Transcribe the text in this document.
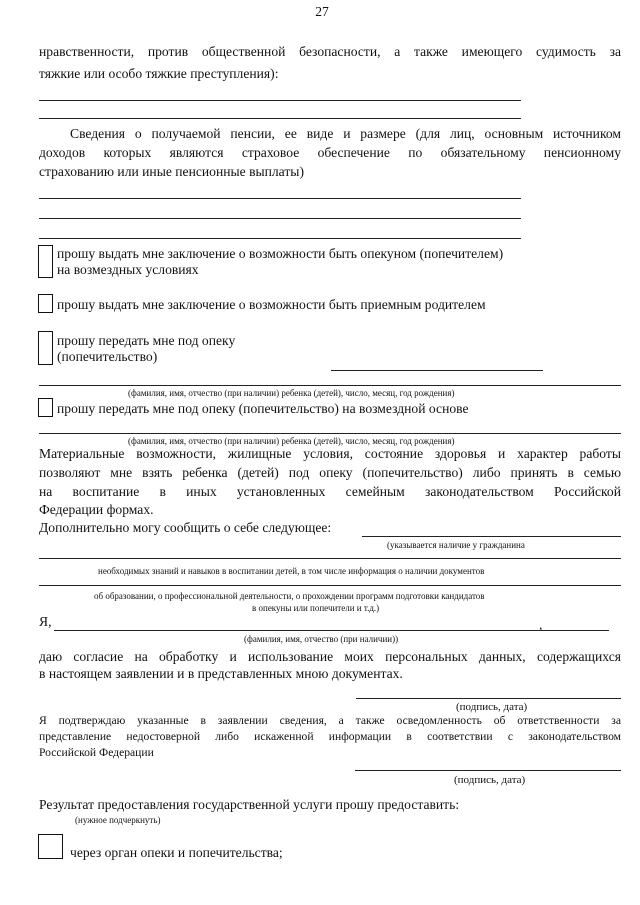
27
нравственности, против общественной безопасности, а также имеющего судимость за
тяжкие или особо тяжкие преступления):
Сведения о получаемой пенсии, ее виде и размере (для лиц, основным источником
доходов которых являются страховое обеспечение по обязательному пенсионному
страхованию или иные пенсионные выплаты)
прошу выдать мне заключение о возможности быть опекуном (попечителем)
на возмездных условиях
прошу выдать мне заключение о возможности быть приемным родителем
прошу передать мне под опеку
(попечительство)
(фамилия, имя, отчество (при наличии) ребенка (детей), число, месяц, год рождения)
прошу передать мне под опеку (попечительство) на возмездной основе
(фамилия, имя, отчество (при наличии) ребенка (детей), число, месяц, год рождения)
Материальные возможности, жилищные условия, состояние здоровья и характер работы
позволяют мне взять ребенка (детей) под опеку (попечительство) либо принять в семью
на воспитание в иных установленных семейным законодательством Российской
Федерации формах.
Дополнительно могу сообщить о себе следующее:
(указывается наличие у гражданина
необходимых знаний и навыков в воспитании детей, в том числе информация о наличии документов
об образовании, о профессиональной деятельности, о прохождении программ подготовки кандидатов
в опекуны или попечители и т.д.)
Я,	,
(фамилия, имя, отчество (при наличии))
даю согласие на обработку и использование моих персональных данных, содержащихся
в настоящем заявлении и в представленных мною документах.
(подпись, дата)
Я подтверждаю указанные в заявлении сведения, а также осведомленность об ответственности за
представление недостоверной либо искаженной информации в соответствии с законодательством
Российской Федерации
(подпись, дата)
Результат предоставления государственной услуги прошу предоставить:
(нужное подчеркнуть)
через орган опеки и попечительства;
